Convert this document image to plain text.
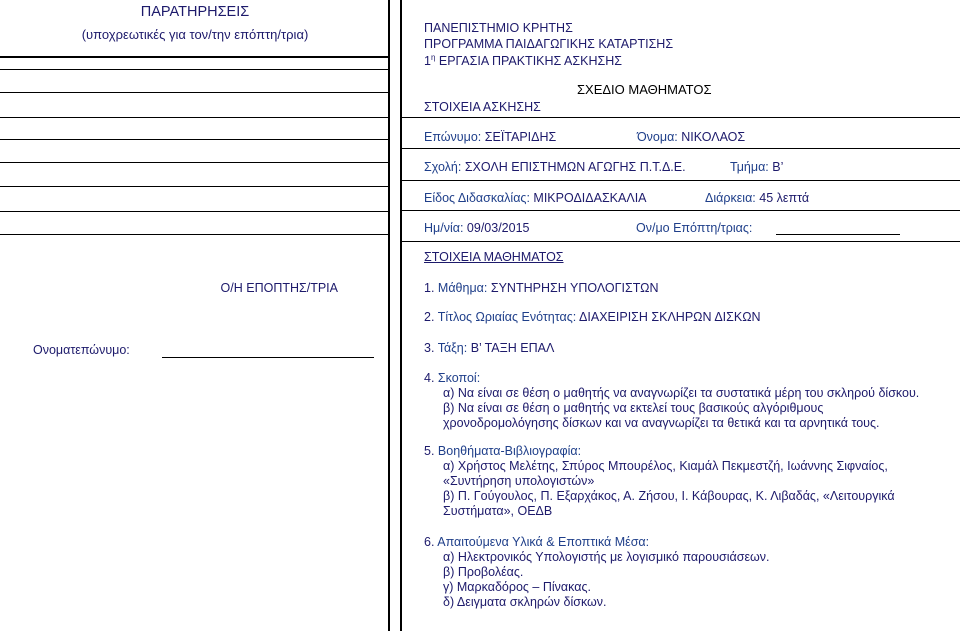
ΠΑΡΑΤΗΡΗΣΕΙΣ
(υποχρεωτικές για τον/την επόπτη/τρια)
Ο/Η ΕΠΟΠΤΗΣ/ΤΡΙΑ
Ονοματεπώνυμο:
ΠΑΝΕΠΙΣΤΗΜΙΟ ΚΡΗΤΗΣ
ΠΡΟΓΡΑΜΜΑ ΠΑΙΔΑΓΩΓΙΚΗΣ ΚΑΤΑΡΤΙΣΗΣ
$1^\eta$ ΕΡΓΑΣΙΑ ΠΡΑΚΤΙΚΗΣ ΑΣΚΗΣΗΣ
ΣΧΕΔΙΟ ΜΑΘΗΜΑΤΟΣ
ΣΤΟΙΧΕΙΑ ΑΣΚΗΣΗΣ
Επώνυμο: ΣΕΪΤΑΡΙΔΗΣ	Όνομα: ΝΙΚΟΛΑΟΣ
Σχολή: ΣΧΟΛΗ ΕΠΙΣΤΗΜΩΝ ΑΓΩΓΗΣ Π.Τ.Δ.Ε.	Τμήμα: Β’
Είδος Διδασκαλίας: ΜΙΚΡΟΔΙΔΑΣΚΑΛΙΑ	Διάρκεια: 45 λεπτά
Ημ/νία: 09/03/2015	Ον/μο Επόπτη/τριας:
ΣΤΟΙΧΕΙΑ ΜΑΘΗΜΑΤΟΣ
1. Μάθημα: ΣΥΝΤΗΡΗΣΗ ΥΠΟΛΟΓΙΣΤΩΝ
2. Τίτλος Ωριαίας Ενότητας: ΔΙΑΧΕΙΡΙΣΗ ΣΚΛΗΡΩΝ ΔΙΣΚΩΝ
3. Τάξη: Β’ ΤΑΞΗ ΕΠΑΛ
4. Σκοποί:
α) Να είναι σε θέση ο μαθητής να αναγνωρίζει τα συστατικά μέρη του σκληρού δίσκου.
β) Να είναι σε θέση ο μαθητής να εκτελεί τους βασικούς αλγόριθμους
χρονοδρομολόγησης δίσκων και να αναγνωρίζει τα θετικά και τα αρνητικά τους.
5. Βοηθήματα-Βιβλιογραφία:
α) Χρήστος Μελέτης, Σπύρος Μπουρέλος, Κιαμάλ Πεκμεστζή, Ιωάννης Σιφναίος,
«Συντήρηση υπολογιστών»
β) Π. Γούγουλος, Π. Εξαρχάκος, Α. Ζήσου, Ι. Κάβουρας, Κ. Λιβαδάς, «Λειτουργικά
Συστήματα», ΟΕΔΒ
6. Απαιτούμενα Υλικά & Εποπτικά Μέσα:
α) Ηλεκτρονικός Υπολογιστής με λογισμικό παρουσιάσεων.
β) Προβολέας.
γ) Μαρκαδόρος – Πίνακας.
δ) Δειγματα σκληρών δίσκων.
